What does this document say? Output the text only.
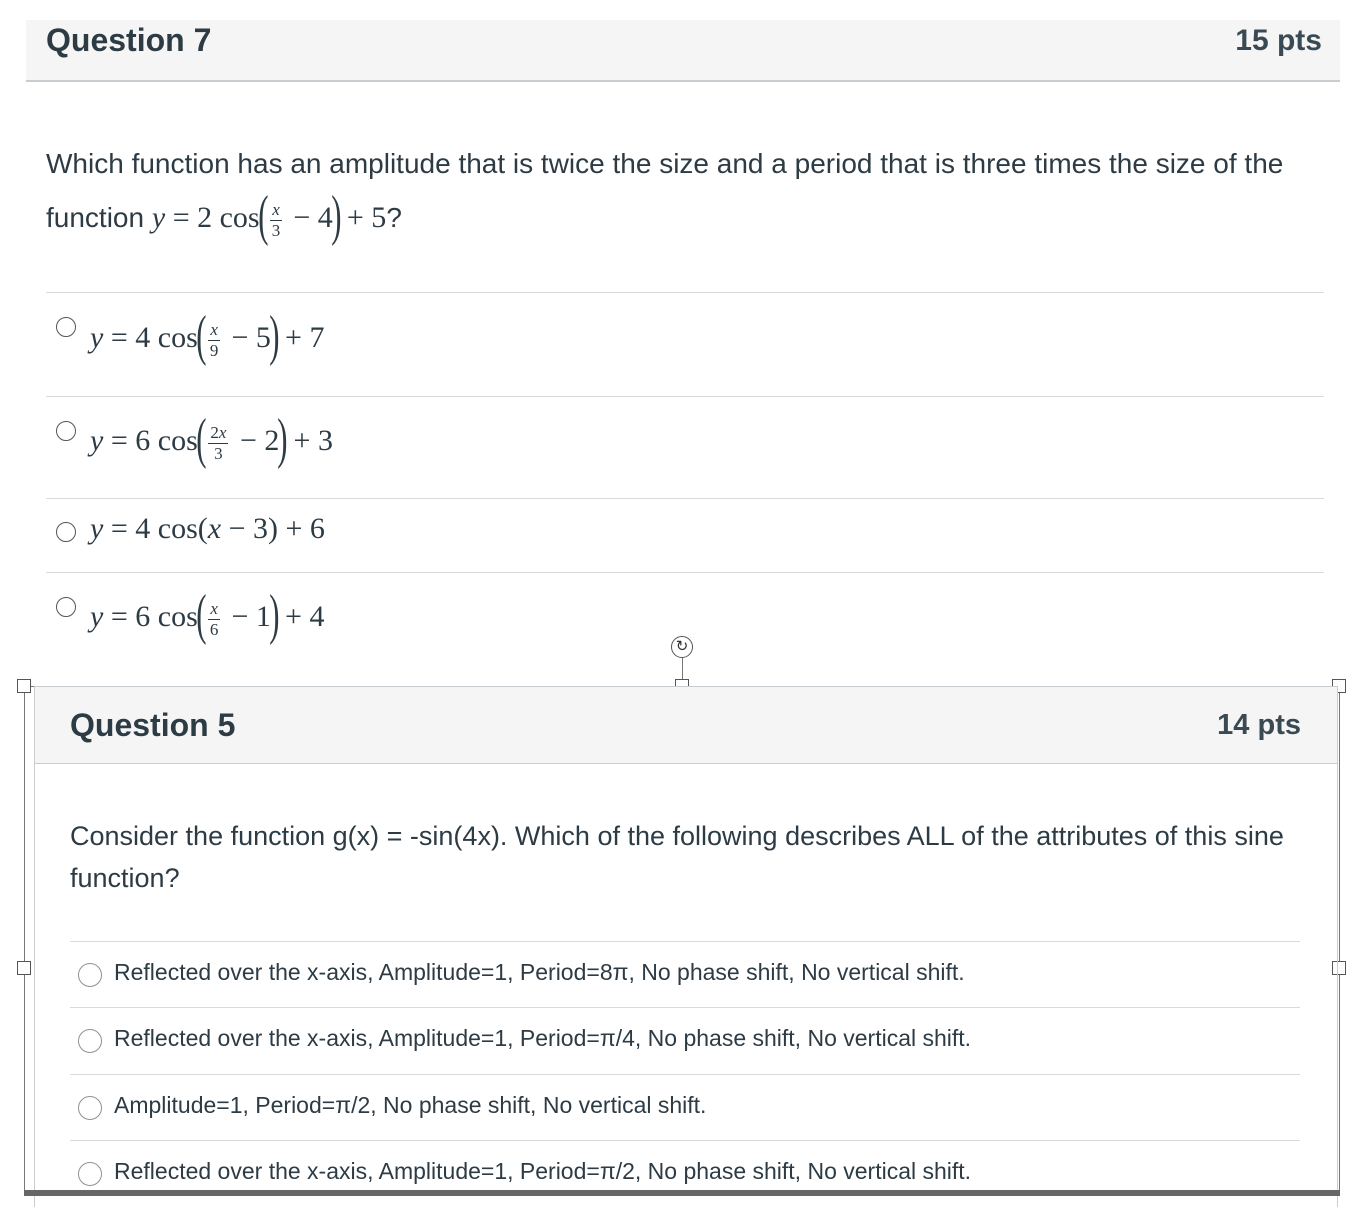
Question 7	15 pts
Which function has an amplitude that is twice the size and a period that is three times the size of the
function y = 2 $\cos( \frac{x}{3} - 4) + 5$?
y = 4 $\cos( \frac{x}{9} - 5) + 7$
y = 6 $\cos( \frac{2x}{3} - 2) + 3$
y = 4 cos(x − 3) + 6
y = 6 $\cos( \frac{x}{6} - 1) + 4$
↻
Question 5	14 pts
Consider the function g(x) = -sin(4x). Which of the following describes ALL of the attributes of this sine function?
Reflected over the x-axis, Amplitude=1, Period=8π, No phase shift, No vertical shift.
Reflected over the x-axis, Amplitude=1, Period=π/4, No phase shift, No vertical shift.
Amplitude=1, Period=π/2, No phase shift, No vertical shift.
Reflected over the x-axis, Amplitude=1, Period=π/2, No phase shift, No vertical shift.
